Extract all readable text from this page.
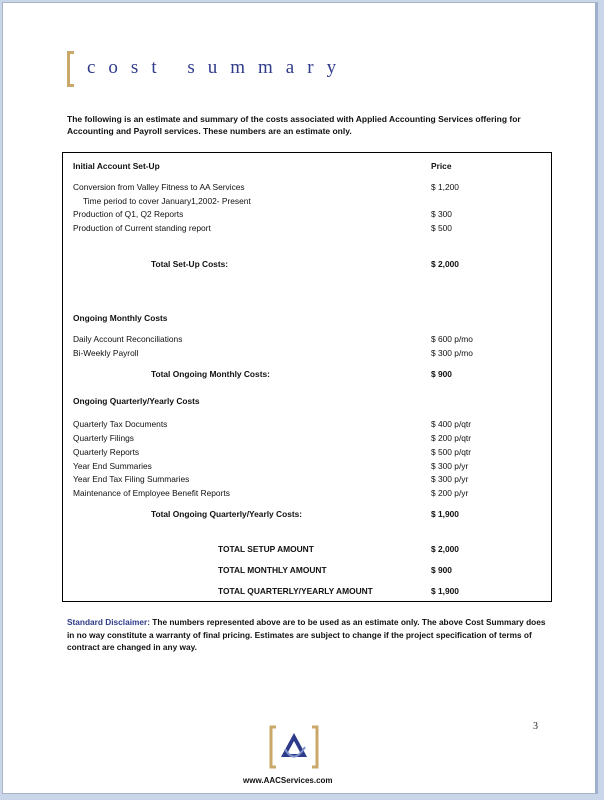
cost summary
The following is an estimate and summary of the costs associated with Applied Accounting Services offering for Accounting and Payroll services. These numbers are an estimate only.
Initial Account Set-Up	Price
Conversion from Valley Fitness to AA Services	$ 1,200
Time period to cover January1,2002- Present
Production of Q1, Q2 Reports	$ 300
Production of Current standing report	$ 500
Total Set-Up Costs:	$ 2,000
Ongoing Monthly Costs
Daily Account Reconciliations	$ 600 p/mo
Bi-Weekly Payroll	$ 300 p/mo
Total Ongoing Monthly Costs:	$ 900
Ongoing Quarterly/Yearly Costs
Quarterly Tax Documents	$ 400 p/qtr
Quarterly Filings	$ 200 p/qtr
Quarterly Reports	$ 500 p/qtr
Year End Summaries	$ 300 p/yr
Year End Tax Filing Summaries	$ 300 p/yr
Maintenance of Employee Benefit Reports	$ 200 p/yr
Total Ongoing Quarterly/Yearly Costs:	$ 1,900
TOTAL SETUP AMOUNT	$ 2,000
TOTAL MONTHLY AMOUNT	$ 900
TOTAL QUARTERLY/YEARLY AMOUNT	$ 1,900
Standard Disclaimer: The numbers represented above are to be used as an estimate only. The above Cost Summary does in no way constitute a warranty of final pricing. Estimates are subject to change if the project specification of terms of contract are changed in any way.
3
www.AACServices.com
